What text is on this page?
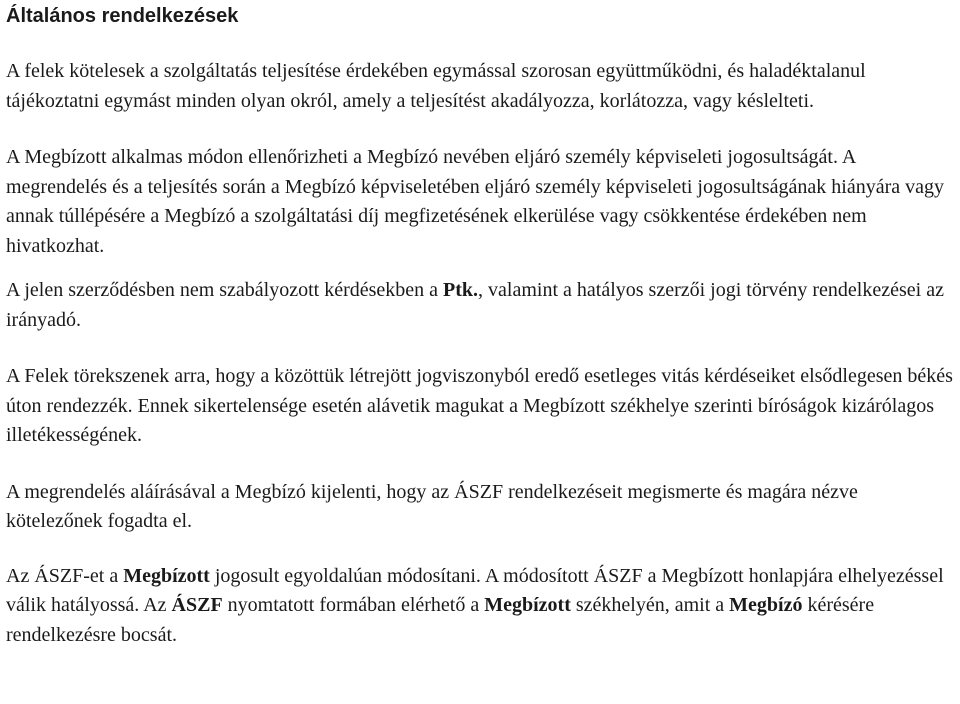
Általános rendelkezések

A felek kötelesek a szolgáltatás teljesítése érdekében egymással szorosan együttműködni, és haladéktalanul tájékoztatni egymást minden olyan okról, amely a teljesítést akadályozza, korlátozza, vagy késlelteti.

A Megbízott alkalmas módon ellenőrizheti a Megbízó nevében eljáró személy képviseleti jogosultságát. A megrendelés és a teljesítés során a Megbízó képviseletében eljáró személy képviseleti jogosultságának hiányára vagy annak túllépésére a Megbízó a szolgáltatási díj megfizetésének elkerülése vagy csökkentése érdekében nem hivatkozhat.

A jelen szerződésben nem szabályozott kérdésekben a Ptk., valamint a hatályos szerzői jogi törvény rendelkezései az irányadó.

A Felek törekszenek arra, hogy a közöttük létrejött jogviszonyból eredő esetleges vitás kérdéseiket elsődlegesen békés úton rendezzék. Ennek sikertelensége esetén alávetik magukat a Megbízott székhelye szerinti bíróságok kizárólagos illetékességének.

A megrendelés aláírásával a Megbízó kijelenti, hogy az ÁSZF rendelkezéseit megismerte és magára nézve kötelezőnek fogadta el.

Az ÁSZF-et a Megbízott jogosult egyoldalúan módosítani. A módosított ÁSZF a Megbízott honlapjára elhelyezéssel válik hatályossá. Az ÁSZF nyomtatott formában elérhető a Megbízott székhelyén, amit a Megbízó kérésére rendelkezésre bocsát.
